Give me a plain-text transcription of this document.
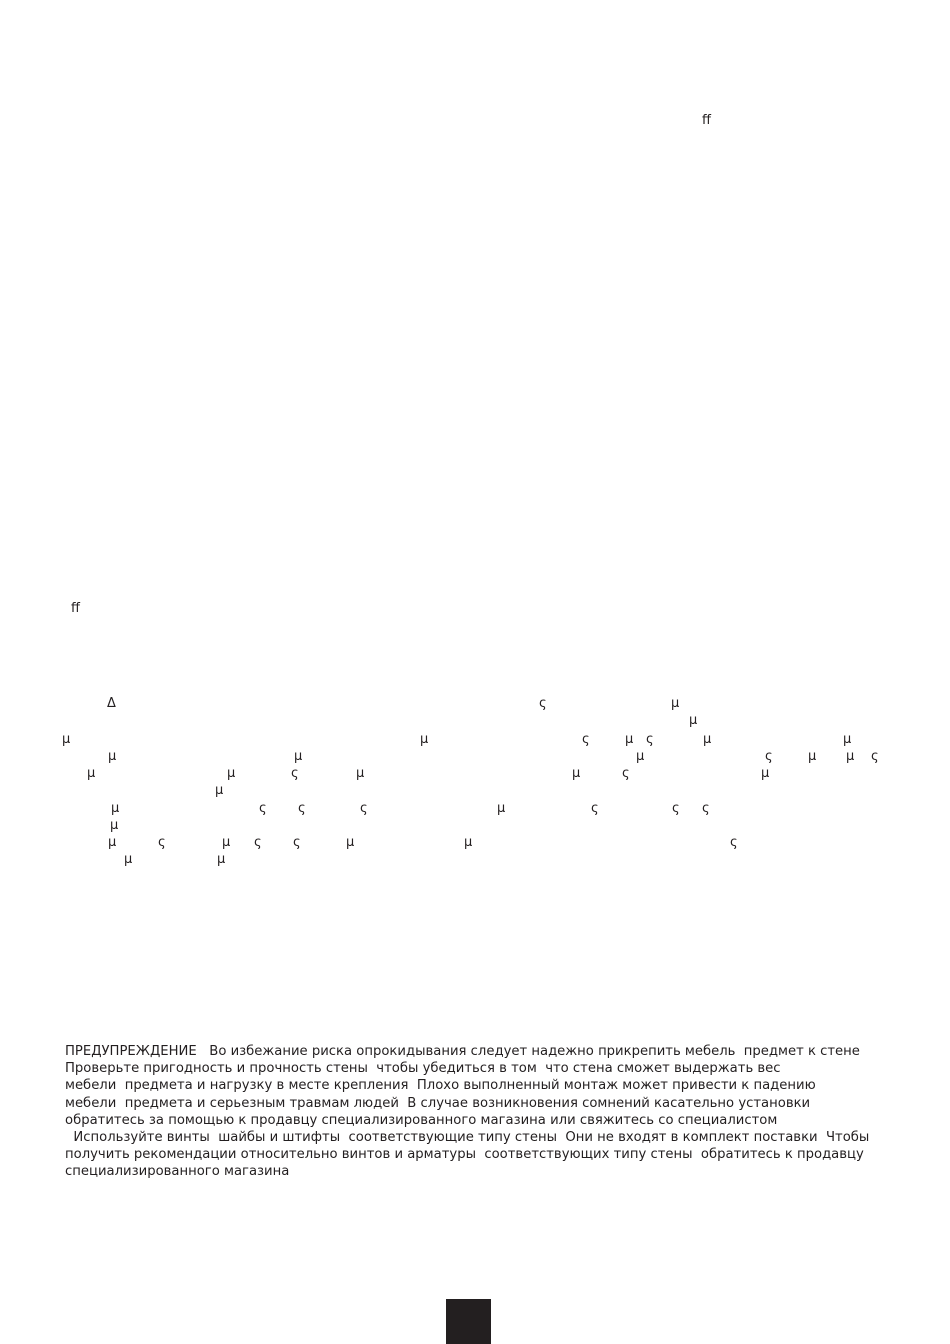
ﬀ
ﬀ
Δ	ς	μ
μ
μ	μ	ς	μ ς	μ	μ
μ	μ	μ	ς	μ μ ς
μ	μ	ς	μ	μ	ς	μ
μ
μ	ς ς	ς	μ	ς	ς ς
μ
μ	ς	μ ς ς	μ	μ	ς
μ	μ
ПРЕДУПРЕЖДЕНИЕ   Во избежание риска опрокидывания следует надежно прикрепить мебель  предмет к стене
Проверьте пригодность и прочность стены  чтобы убедиться в том  что стена сможет выдержать вес
мебели  предмета и нагрузку в месте крепления  Плохо выполненный монтаж может привести к падению
мебели  предмета и серьезным травмам людей  В случае возникновения сомнений касательно установки
обратитесь за помощью к продавцу специализированного магазина или свяжитесь со специалистом
Используйте винты  шайбы и штифты  соответствующие типу стены  Они не входят в комплект поставки  Чтобы
получить рекомендации относительно винтов и арматуры  соответствующих типу стены  обратитесь к продавцу
специализированного магазина
